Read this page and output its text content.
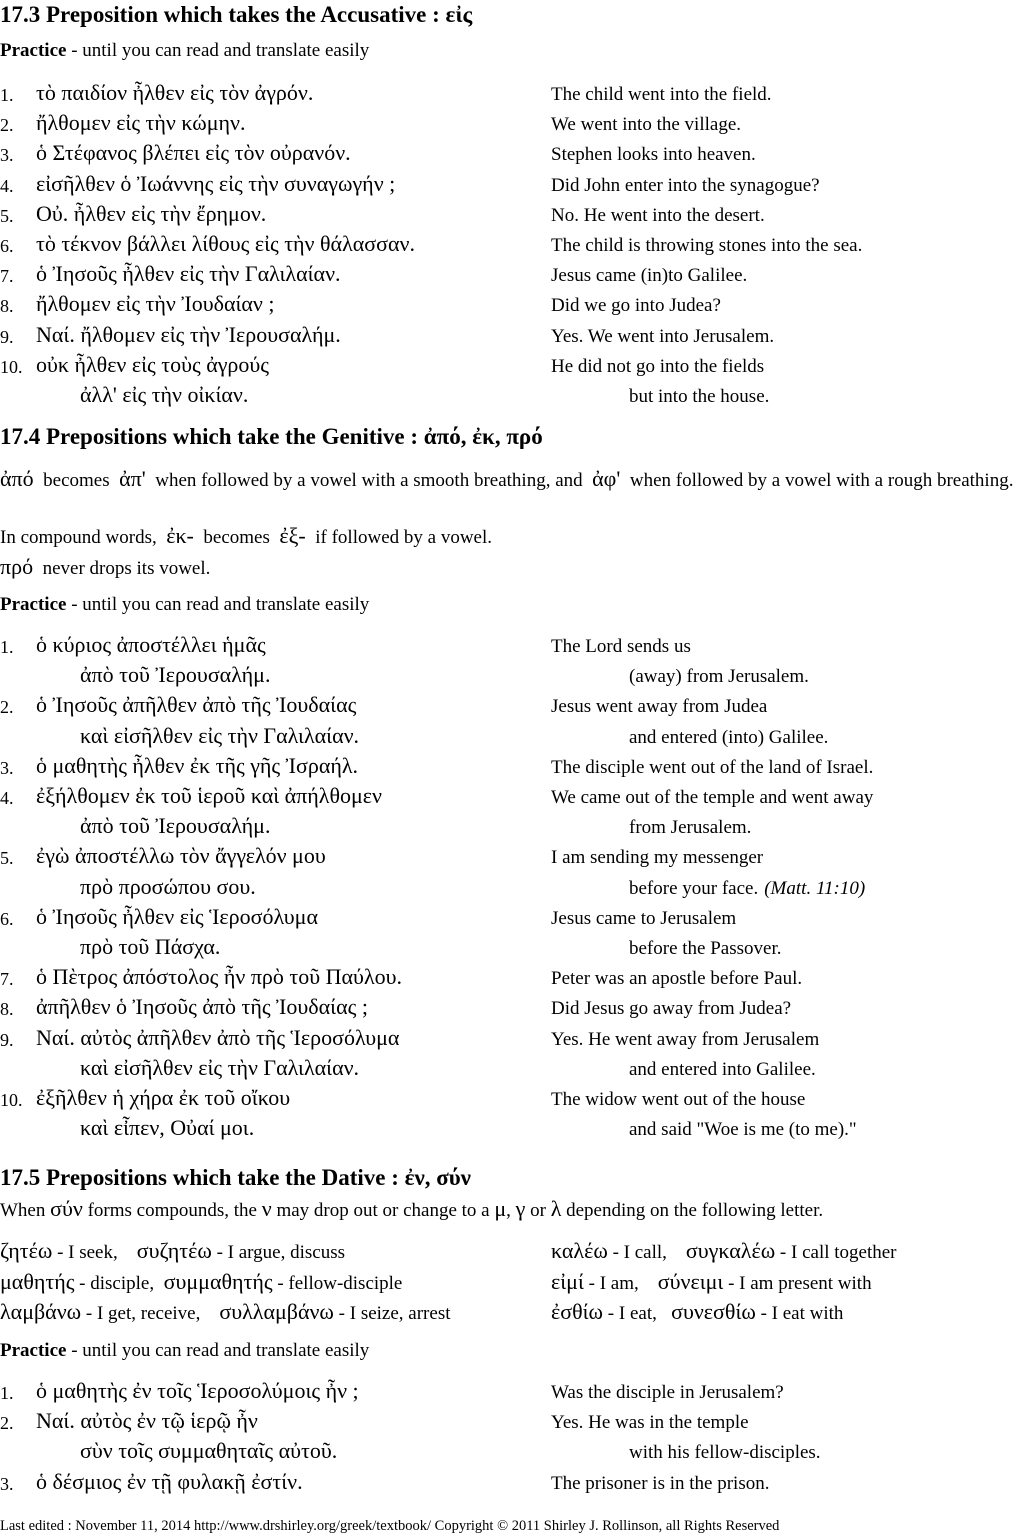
17.3 Preposition which takes the Accusative : εἰς
Practice - until you can read and translate easily
1. τὸ παιδίον ἦλθεν εἰς τὸν ἀγρόν.	The child went into the field.
2. ἤλθομεν εἰς τὴν κώμην.	We went into the village.
3. ὁ Στέφανος βλέπει εἰς τὸν οὐρανόν.	Stephen looks into heaven.
4. εἰσῆλθεν ὁ Ἰωάννης εἰς τὴν συναγωγήν ;	Did John enter into the synagogue?
5. Οὐ. ἦλθεν εἰς τὴν ἔρημον.	No. He went into the desert.
6. τὸ τέκνον βάλλει λίθους εἰς τὴν θάλασσαν.	The child is throwing stones into the sea.
7. ὁ Ἰησοῦς ἦλθεν εἰς τὴν Γαλιλαίαν.	Jesus came (in)to Galilee.
8. ἤλθομεν εἰς τὴν Ἰουδαίαν ;	Did we go into Judea?
9. Ναί. ἤλθομεν εἰς τὴν Ἰερουσαλήμ.	Yes. We went into Jerusalem.
10. οὐκ ἦλθεν εἰς τοὺς ἀγρούς	He did not go into the fields
ἀλλ' εἰς τὴν οἰκίαν.	but into the house.
17.4 Prepositions which take the Genitive : ἀπό, ἐκ, πρό
ἀπό  becomes  ἀπ'  when followed by a vowel with a smooth breathing, and  ἀφ'  when followed by a vowel with a rough breathing.
In compound words,  ἐκ-  becomes  ἐξ-  if followed by a vowel.
πρό  never drops its vowel.
Practice - until you can read and translate easily
1. ὁ κύριος ἀποστέλλει ἡμᾶς	The Lord sends us
ἀπὸ τοῦ Ἰερουσαλήμ.	(away) from Jerusalem.
2. ὁ Ἰησοῦς ἀπῆλθεν ἀπὸ τῆς Ἰουδαίας	Jesus went away from Judea
καὶ εἰσῆλθεν εἰς τὴν Γαλιλαίαν.	and entered (into) Galilee.
3. ὁ μαθητὴς ἦλθεν ἐκ τῆς γῆς Ἰσραήλ.	The disciple went out of the land of Israel.
4. ἐξήλθομεν ἐκ τοῦ ἱεροῦ καὶ ἀπήλθομεν	We came out of the temple and went away
ἀπὸ τοῦ Ἰερουσαλήμ.	from Jerusalem.
5. ἐγὼ ἀποστέλλω τὸν ἄγγελόν μου	I am sending my messenger
πρὸ προσώπου σου.	before your face. (Matt. 11:10)
6. ὁ Ἰησοῦς ἦλθεν εἰς Ἱεροσόλυμα	Jesus came to Jerusalem
πρὸ τοῦ Πάσχα.	before the Passover.
7. ὁ Πὲτρος ἀπόστολος ἦν πρὸ τοῦ Παύλου.	Peter was an apostle before Paul.
8. ἀπῆλθεν ὁ Ἰησοῦς ἀπὸ τῆς Ἰουδαίας ;	Did Jesus go away from Judea?
9. Ναί. αὐτὸς ἀπῆλθεν ἀπὸ τῆς Ἱεροσόλυμα	Yes. He went away from Jerusalem
καὶ εἰσῆλθεν εἰς τὴν Γαλιλαίαν.	and entered into Galilee.
10. ἐξῆλθεν ἡ χήρα ἐκ τοῦ οἴκου	The widow went out of the house
καὶ εἶπεν, Οὐαί μοι.	and said "Woe is me (to me)."
17.5 Prepositions which take the Dative : ἐν, σύν
When σύν forms compounds, the ν may drop out or change to a μ, γ or λ depending on the following letter.
ζητέω - I seek,    συζητέω - I argue, discuss	καλέω - I call,    συγκαλέω - I call together
μαθητής - disciple,  συμμαθητής - fellow-disciple	εἰμί - I am,    σύνειμι - I am present with
λαμβάνω - I get, receive,    συλλαμβάνω - I seize, arrest	ἐσθίω - I eat,   συνεσθίω - I eat with
Practice - until you can read and translate easily
1. ὁ μαθητὴς ἐν τοῖς Ἱεροσολύμοις ἦν ;	Was the disciple in Jerusalem?
2. Ναί. αὐτὸς ἐν τῷ ἱερῷ ἦν	Yes. He was in the temple
σὺν τοῖς συμμαθηταῖς αὐτοῦ.	with his fellow-disciples.
3. ὁ δέσμιος ἐν τῇ φυλακῇ ἐστίν.	The prisoner is in the prison.
Last edited : November 11, 2014 http://www.drshirley.org/greek/textbook/ Copyright © 2011 Shirley J. Rollinson, all Rights Reserved
